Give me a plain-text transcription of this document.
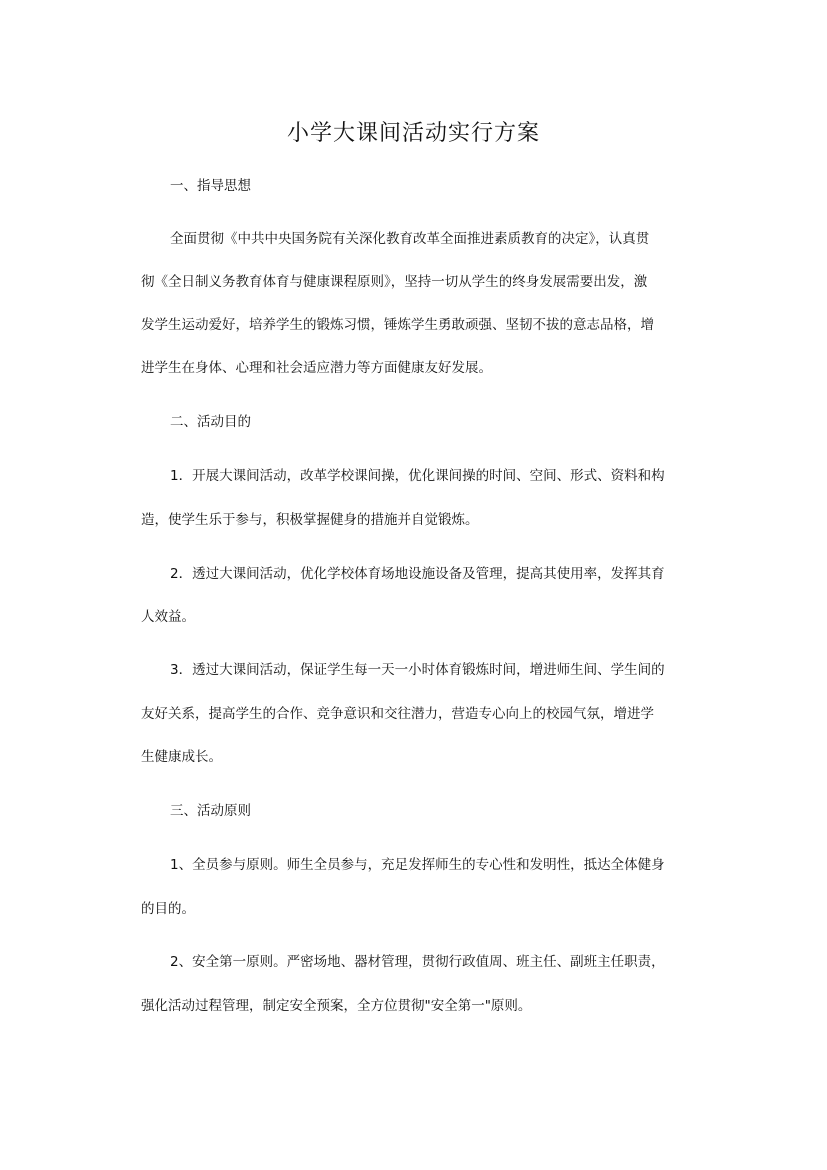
小学大课间活动实行方案
一、指导思想
全面贯彻《中共中央国务院有关深化教育改革全面推进素质教育的决定》，认真贯
彻《全日制义务教育体育与健康课程原则》，坚持一切从学生的终身发展需要出发，激
发学生运动爱好，培养学生的锻炼习惯，锤炼学生勇敢顽强、坚韧不拔的意志品格，增
进学生在身体、心理和社会适应潜力等方面健康友好发展。
二、活动目的
1．开展大课间活动，改革学校课间操，优化课间操的时间、空间、形式、资料和构
造，使学生乐于参与，积极掌握健身的措施并自觉锻炼。
2．透过大课间活动，优化学校体育场地设施设备及管理，提高其使用率，发挥其育
人效益。
3．透过大课间活动，保证学生每一天一小时体育锻炼时间，增进师生间、学生间的
友好关系，提高学生的合作、竞争意识和交往潜力，营造专心向上的校园气氛，增进学
生健康成长。
三、活动原则
1、全员参与原则。师生全员参与，充足发挥师生的专心性和发明性，抵达全体健身
的目的。
2、安全第一原则。严密场地、器材管理，贯彻行政值周、班主任、副班主任职责，
强化活动过程管理，制定安全预案，全方位贯彻"安全第一"原则。
